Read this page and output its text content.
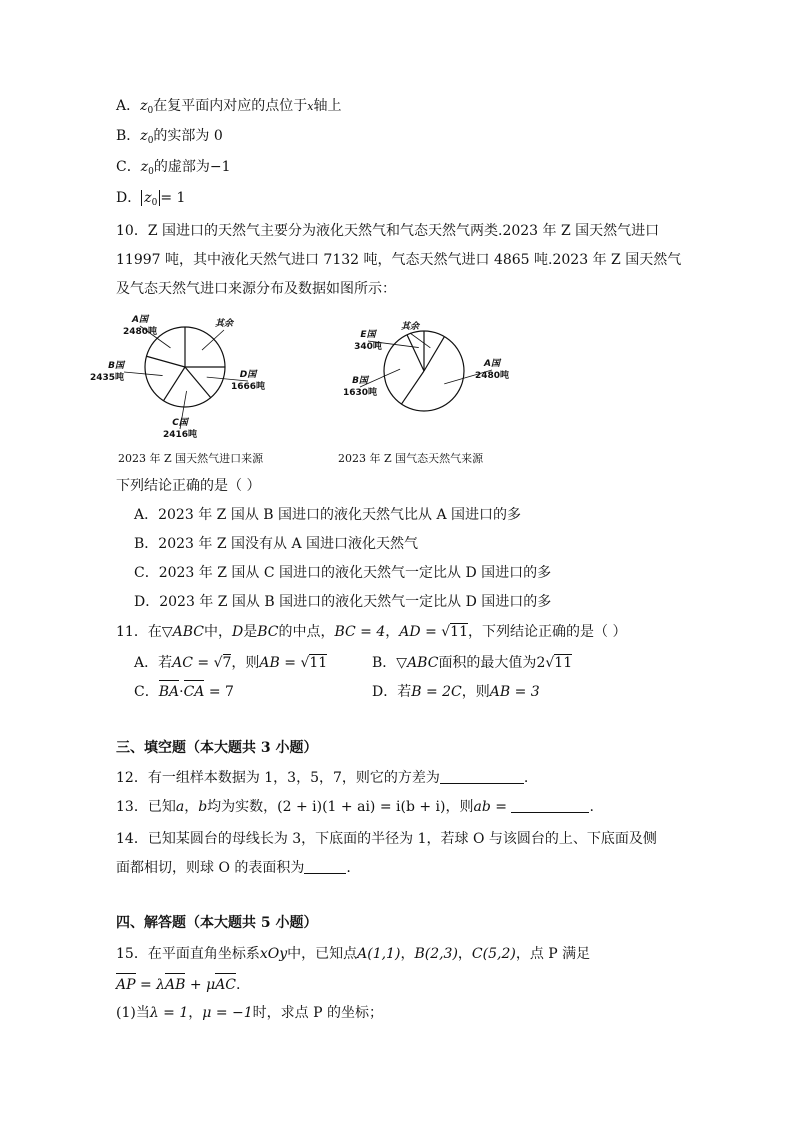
A．$z_0$在复平面内对应的点位于x轴上
B．$z_0$的实部为 0
C．$z_0$的虚部为−1
D． $z_0 = 1$
10．Z 国进口的天然气主要分为液化天然气和气态天然气两类.2023 年 Z 国天然气进口
11997 吨，其中液化天然气进口 7132 吨，气态天然气进口 4865 吨.2023 年 Z 国天然气
及气态天然气进口来源分布及数据如图所示：
A国
2480吨
B国
2435吨
C国
2416吨
D国
1666吨
其余
A国
2480吨
B国
1630吨
E国
340吨
其余
2023 年 Z 国天然气进口来源	2023 年 Z 国气态天然气来源
下列结论正确的是（ ）
A．2023 年 Z 国从 B 国进口的液化天然气比从 A 国进口的多
B．2023 年 Z 国没有从 A 国进口液化天然气
C．2023 年 Z 国从 C 国进口的液化天然气一定比从 D 国进口的多
D．2023 年 Z 国从 B 国进口的液化天然气一定比从 D 国进口的多
11．在▽ABC中，D是BC的中点，BC = 4，AD = √11，下列结论正确的是（ ）
A．若AC = √7，则AB = √11	B．▽ABC面积的最大值为2√11
C．BA·CA = 7	D．若B = 2C，则AB = 3
三、填空题（本大题共 3 小题）
12．有一组样本数据为 1，3，5，7，则它的方差为	.
13．已知a，b均为实数，(2 + i)(1 + ai) = i(b + i)，则ab =	.
14．已知某圆台的母线长为 3，下底面的半径为 1，若球 O 与该圆台的上、下底面及侧
面都相切，则球 O 的表面积为	.
四、解答题（本大题共 5 小题）
15．在平面直角坐标系xOy中，已知点A(1,1)，B(2,3)，C(5,2)，点 P 满足
AP = λAB + μAC.
(1)当λ = 1，μ = −1时，求点 P 的坐标；
